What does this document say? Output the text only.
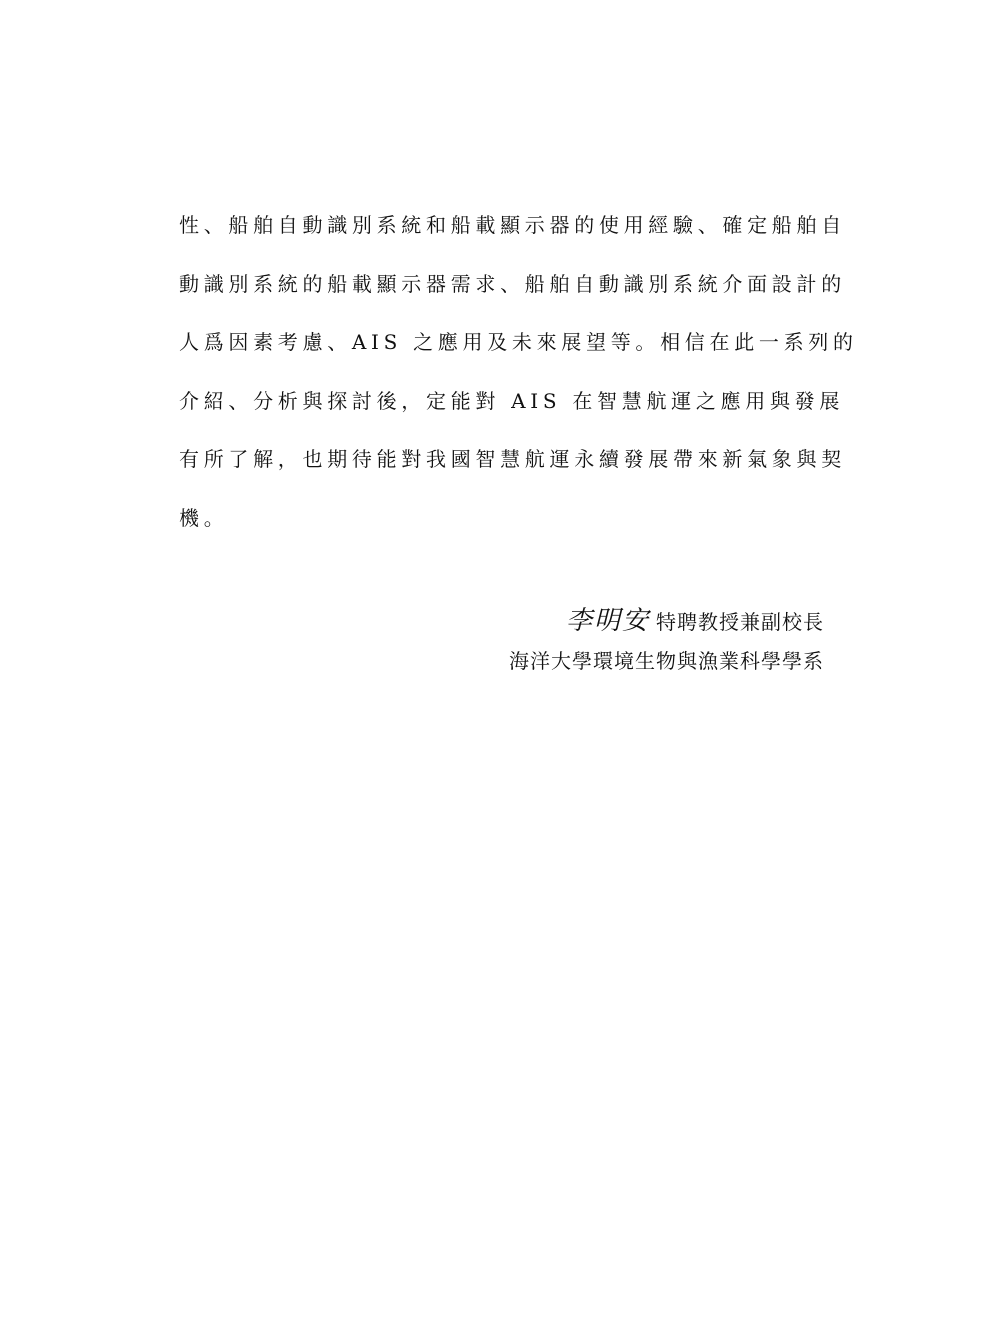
性、船舶自動識別系統和船載顯示器的使用經驗、確定船舶自
動識別系統的船載顯示器需求、船舶自動識別系統介面設計的
人爲因素考慮、AIS 之應用及未來展望等。相信在此一系列的
介紹、分析與探討後，定能對 AIS 在智慧航運之應用與發展
有所了解，也期待能對我國智慧航運永續發展帶來新氣象與契
機。
李明安 特聘教授兼副校長
海洋大學環境生物與漁業科學學系
